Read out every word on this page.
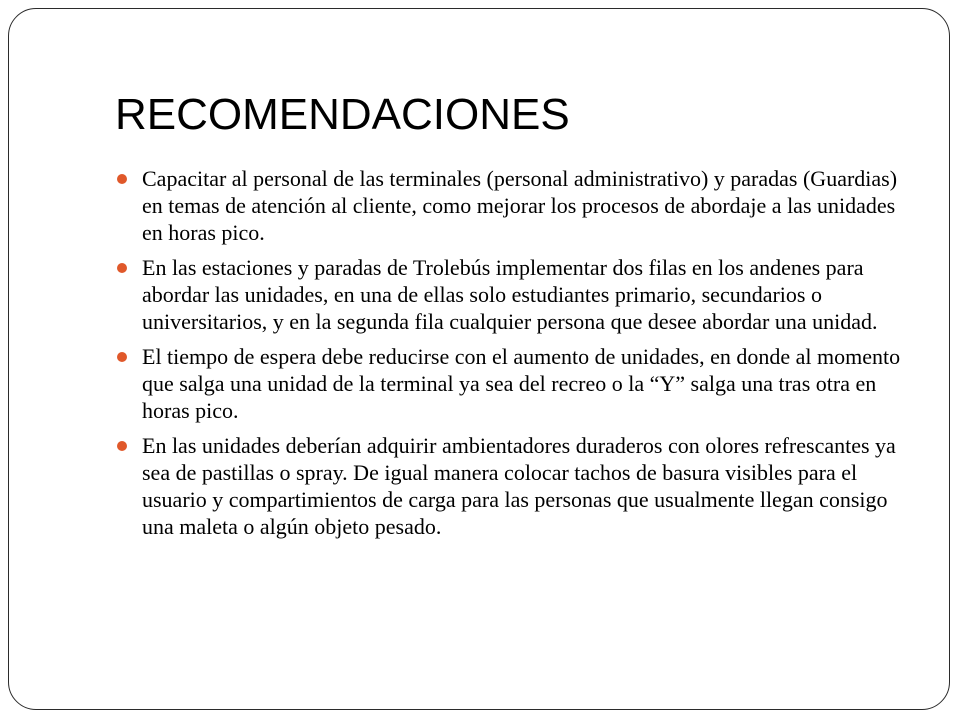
RECOMENDACIONES
Capacitar al personal de las terminales (personal administrativo) y paradas (Guardias) en temas de atención al cliente, como mejorar los procesos de abordaje a las unidades en horas pico.
En las estaciones y paradas de Trolebús implementar dos filas en los andenes para abordar las unidades, en una de ellas solo estudiantes primario, secundarios o universitarios, y en la segunda fila cualquier persona que desee abordar una unidad.
El tiempo de espera debe reducirse con el aumento de unidades, en donde al momento que salga una unidad de la terminal ya sea del recreo o la “Y” salga una tras otra en horas pico.
En las unidades deberían adquirir ambientadores duraderos con olores refrescantes ya sea de pastillas o spray. De igual manera colocar tachos de basura visibles para el usuario y compartimientos de carga para las personas que usualmente llegan consigo una maleta o algún objeto pesado.
